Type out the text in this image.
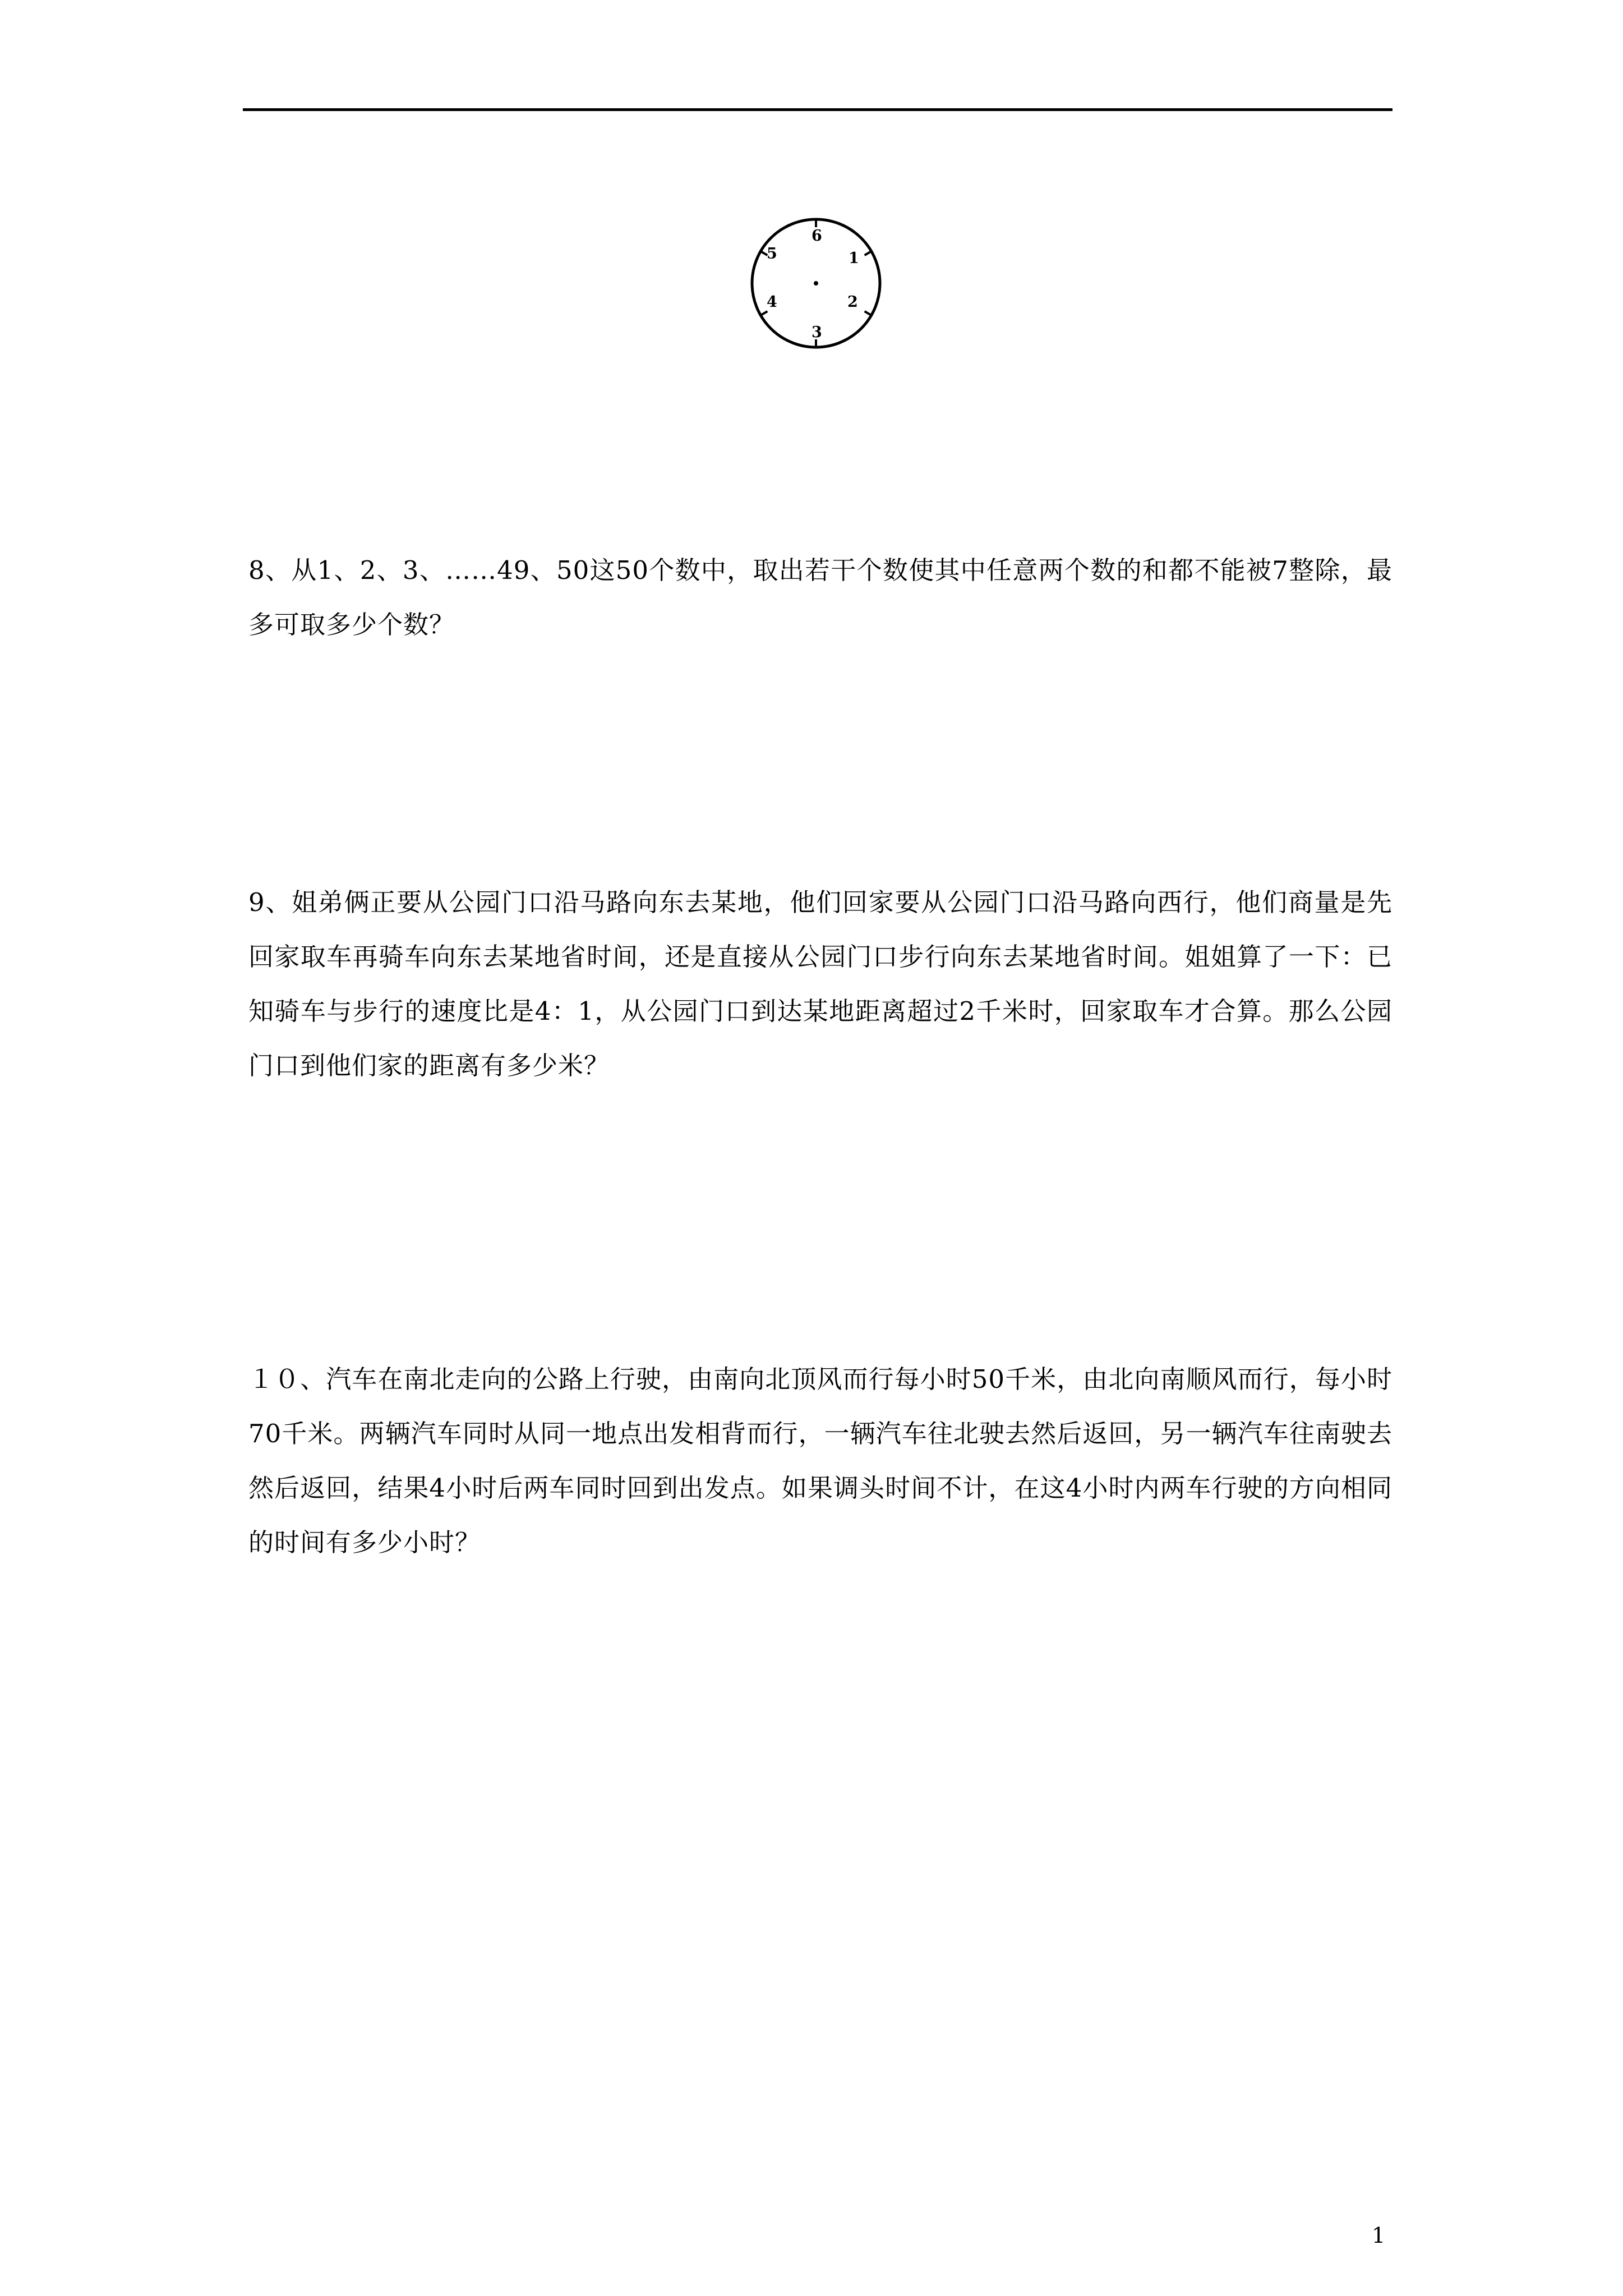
6
1
2
3
4
5

8、从1、2、3、……49、50这50个数中，取出若干个数使其中任意两个数的和都不能被7整除，最多可取多少个数？

9、姐弟俩正要从公园门口沿马路向东去某地，他们回家要从公园门口沿马路向西行，他们商量是先回家取车再骑车向东去某地省时间，还是直接从公园门口步行向东去某地省时间。姐姐算了一下：已知骑车与步行的速度比是4：1，从公园门口到达某地距离超过2千米时，回家取车才合算。那么公园门口到他们家的距离有多少米？

１０、汽车在南北走向的公路上行驶，由南向北顶风而行每小时50千米，由北向南顺风而行，每小时70千米。两辆汽车同时从同一地点出发相背而行，一辆汽车往北驶去然后返回，另一辆汽车往南驶去然后返回，结果4小时后两车同时回到出发点。如果调头时间不计，在这4小时内两车行驶的方向相同的时间有多少小时？

1
